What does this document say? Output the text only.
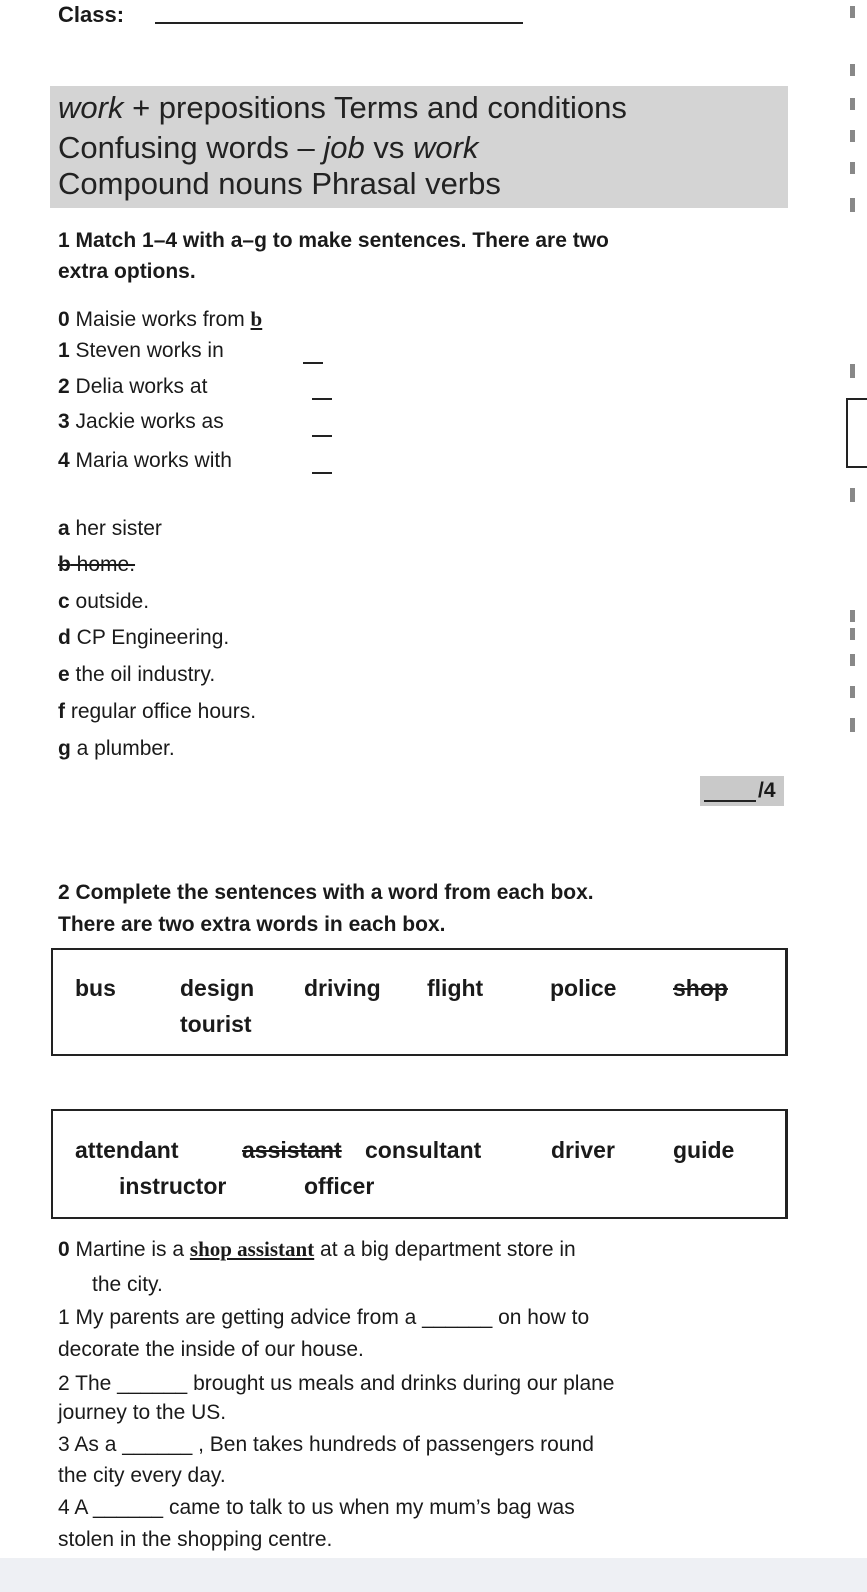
Class:
work + prepositions Terms and conditions
Confusing words – job vs work
Compound nouns Phrasal verbs
1 Match 1–4 with a–g to make sentences. There are two
extra options.
0 Maisie works from b
1 Steven works in
2 Delia works at
3 Jackie works as
4 Maria works with
a her sister
b home.
c outside.
d CP Engineering.
e the oil industry.
f regular office hours.
g a plumber.
/4
2 Complete the sentences with a word from each box.
There are two extra words in each box.
bus	design driving flight	police shop
tourist
attendant	assistant consultant	driver	guide
instructor	officer
0 Martine is a shop assistant at a big department store in
the city.
1 My parents are getting advice from a ______ on how to
decorate the inside of our house.
2 The ______ brought us meals and drinks during our plane
journey to the US.
3 As a ______ , Ben takes hundreds of passengers round
the city every day.
4 A ______ came to talk to us when my mum’s bag was
stolen in the shopping centre.
